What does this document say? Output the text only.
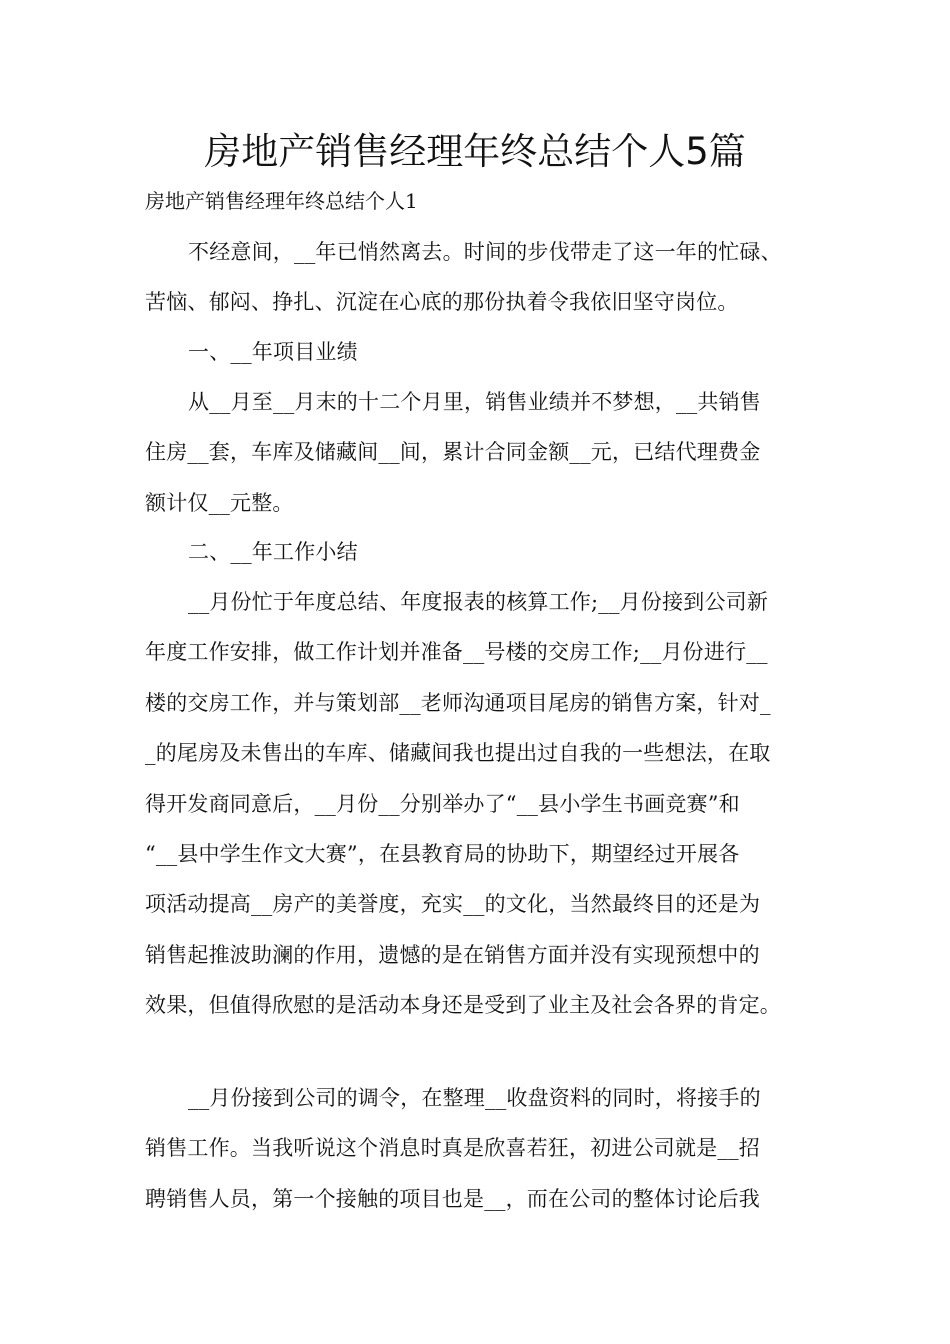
房地产销售经理年终总结个人5篇

房地产销售经理年终总结个人1

不经意间，__年已悄然离去。时间的步伐带走了这一年的忙碌、
苦恼、郁闷、挣扎、沉淀在心底的那份执着令我依旧坚守岗位。
一、__年项目业绩
从__月至__月末的十二个月里，销售业绩并不梦想，__共销售
住房__套，车库及储藏间__间，累计合同金额__元，已结代理费金
额计仅__元整。
二、__年工作小结
__月份忙于年度总结、年度报表的核算工作;__月份接到公司新
年度工作安排，做工作计划并准备__号楼的交房工作;__月份进行__
楼的交房工作，并与策划部__老师沟通项目尾房的销售方案，针对_
_的尾房及未售出的车库、储藏间我也提出过自我的一些想法，在取
得开发商同意后，__月份__分别举办了“__县小学生书画竞赛”和
“__县中学生作文大赛”，在县教育局的协助下，期望经过开展各
项活动提高__房产的美誉度，充实__的文化，当然最终目的还是为
销售起推波助澜的作用，遗憾的是在销售方面并没有实现预想中的
效果，但值得欣慰的是活动本身还是受到了业主及社会各界的肯定。
__月份接到公司的调令，在整理__收盘资料的同时，将接手的
销售工作。当我听说这个消息时真是欣喜若狂，初进公司就是__招
聘销售人员，第一个接触的项目也是__，而在公司的整体讨论后我
